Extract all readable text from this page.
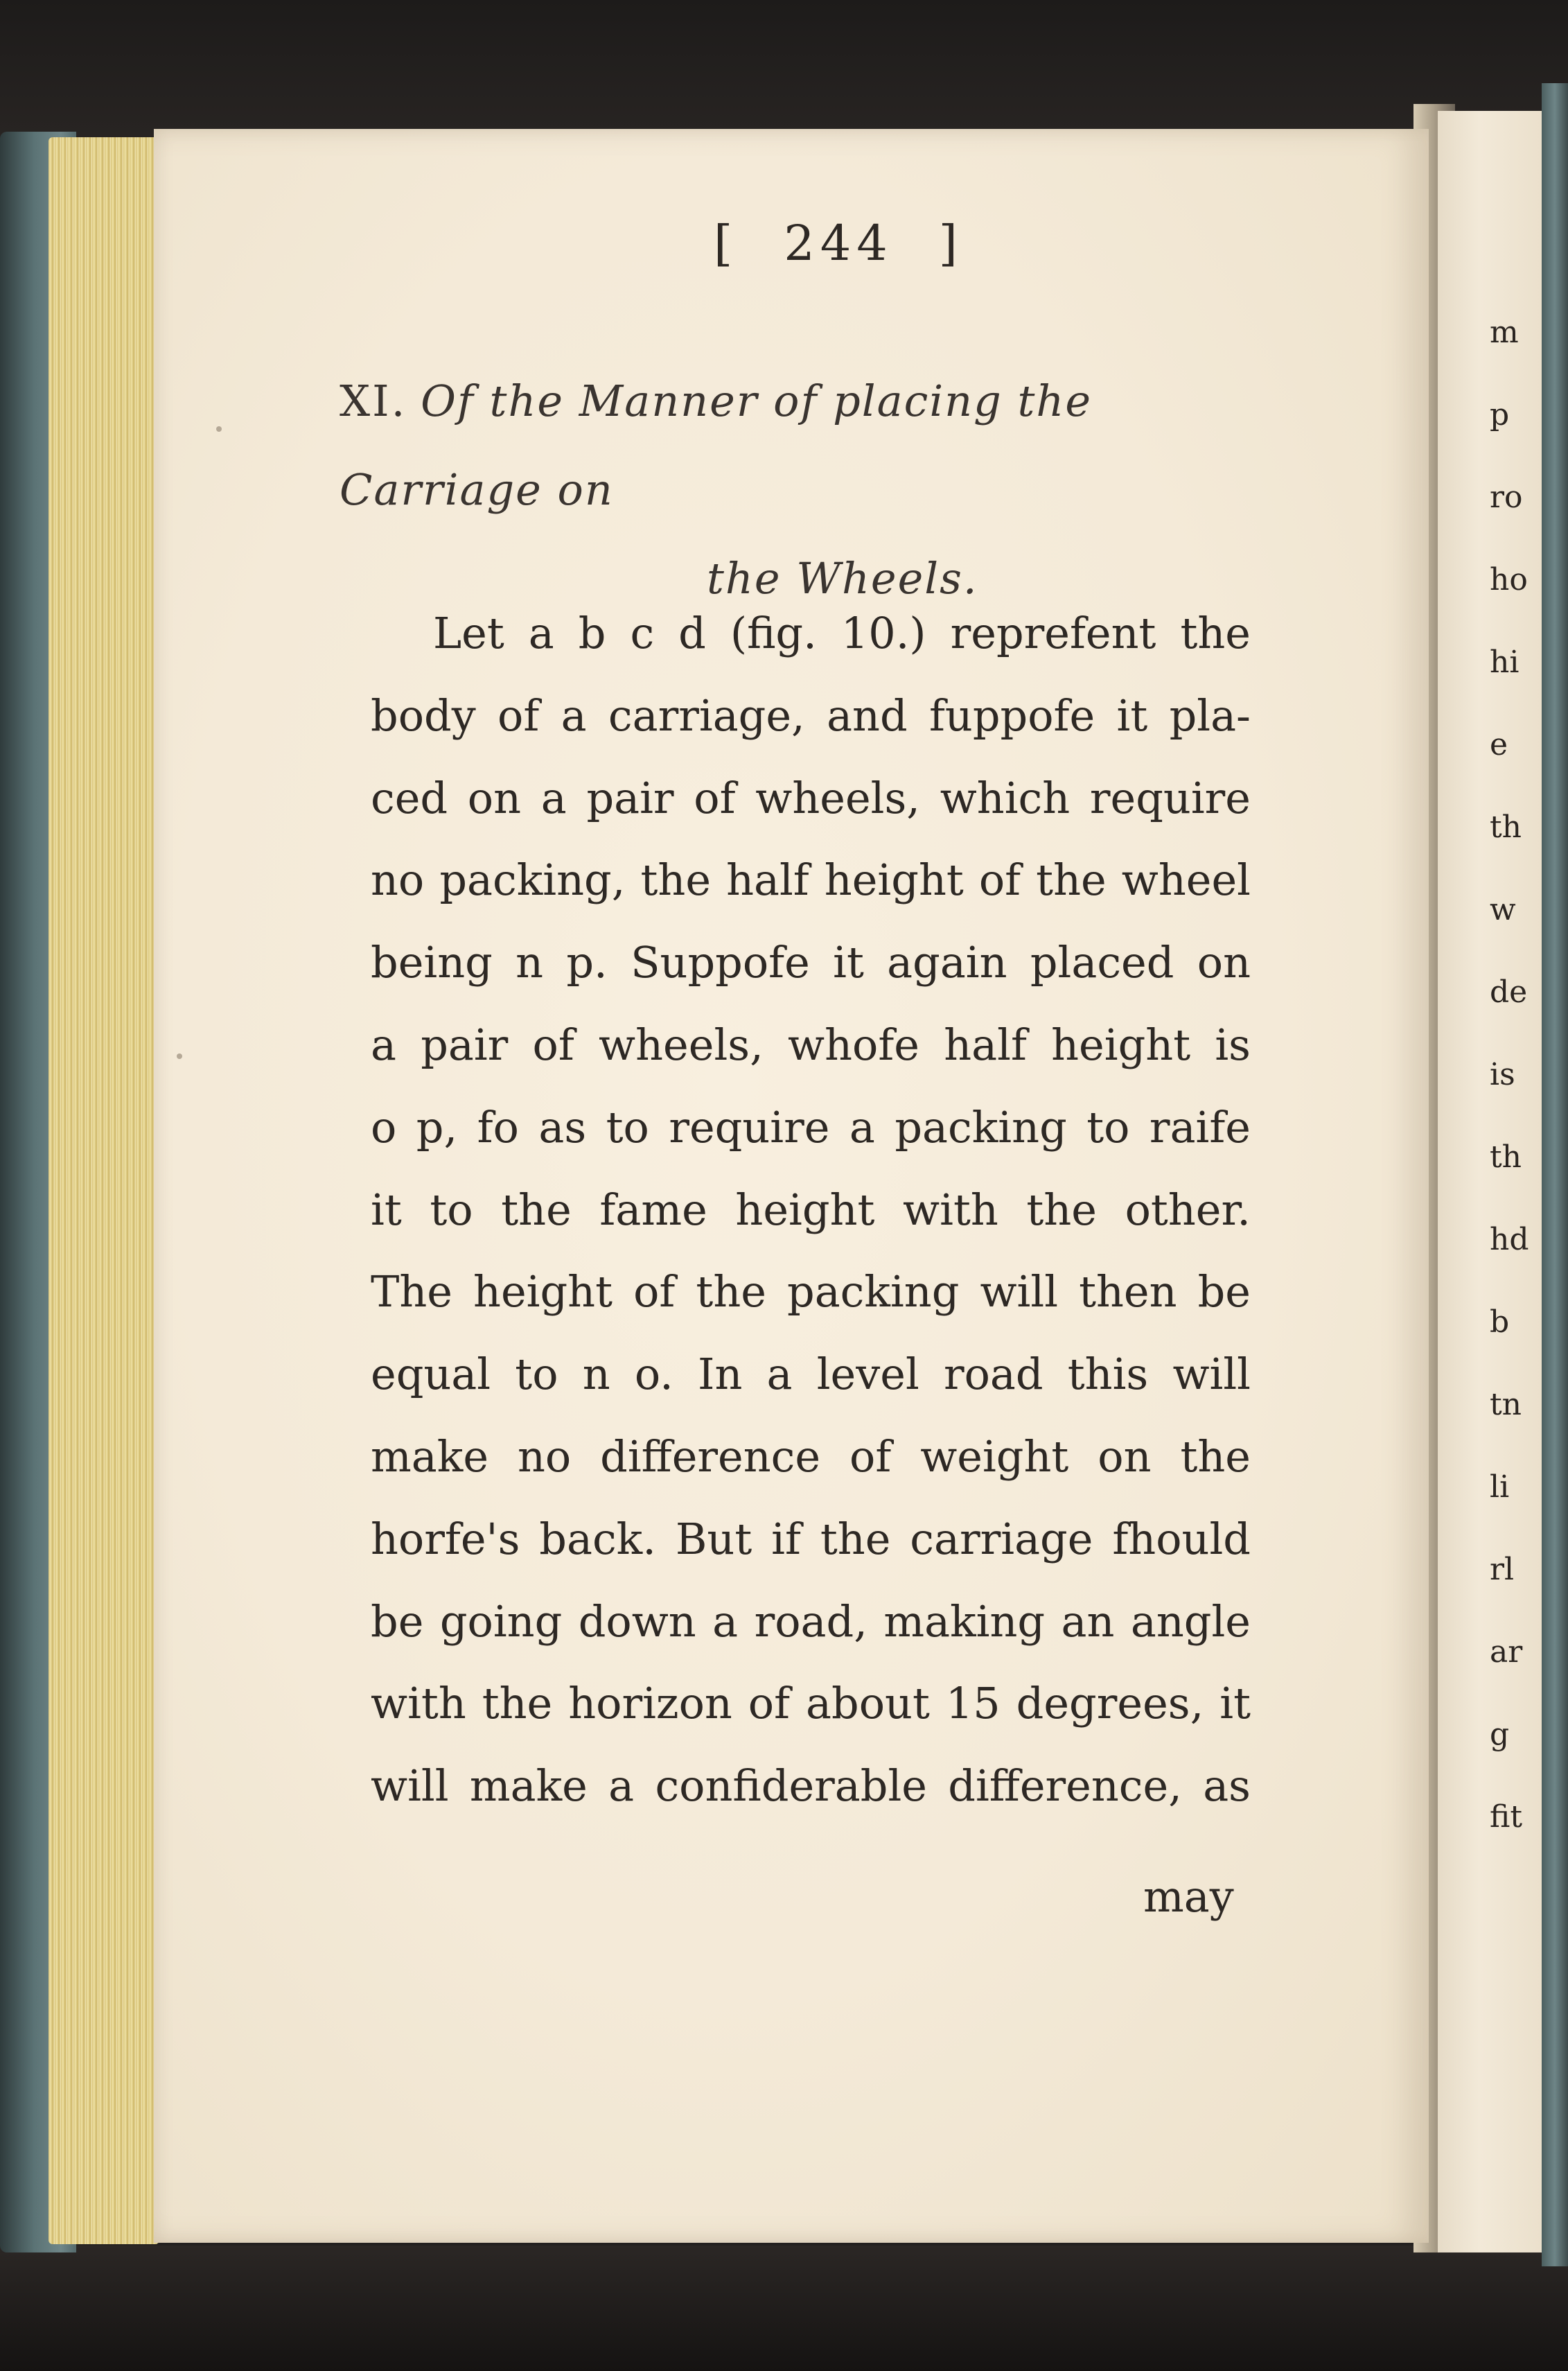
m
p
ro
ho
hi
e
th
w
de
is
th
hd
b
tn
li
rl
ar
g
fit
[ 244 ]
XI. Of the Manner of placing the Carriage on
the Wheels.
Let a b c d (fig. 10.) reprefent the
body of a carriage, and fuppofe it pla-
ced on a pair of wheels, which require
no packing, the half height of the wheel
being n p. Suppofe it again placed on
a pair of wheels, whofe half height is
o p, fo as to require a packing to raife
it to the fame height with the other.
The height of the packing will then be
equal to n o. In a level road this will
make no difference of weight on the
horfe's back. But if the carriage fhould
be going down a road, making an angle
with the horizon of about 15 degrees, it
will make a confiderable difference, as
may
